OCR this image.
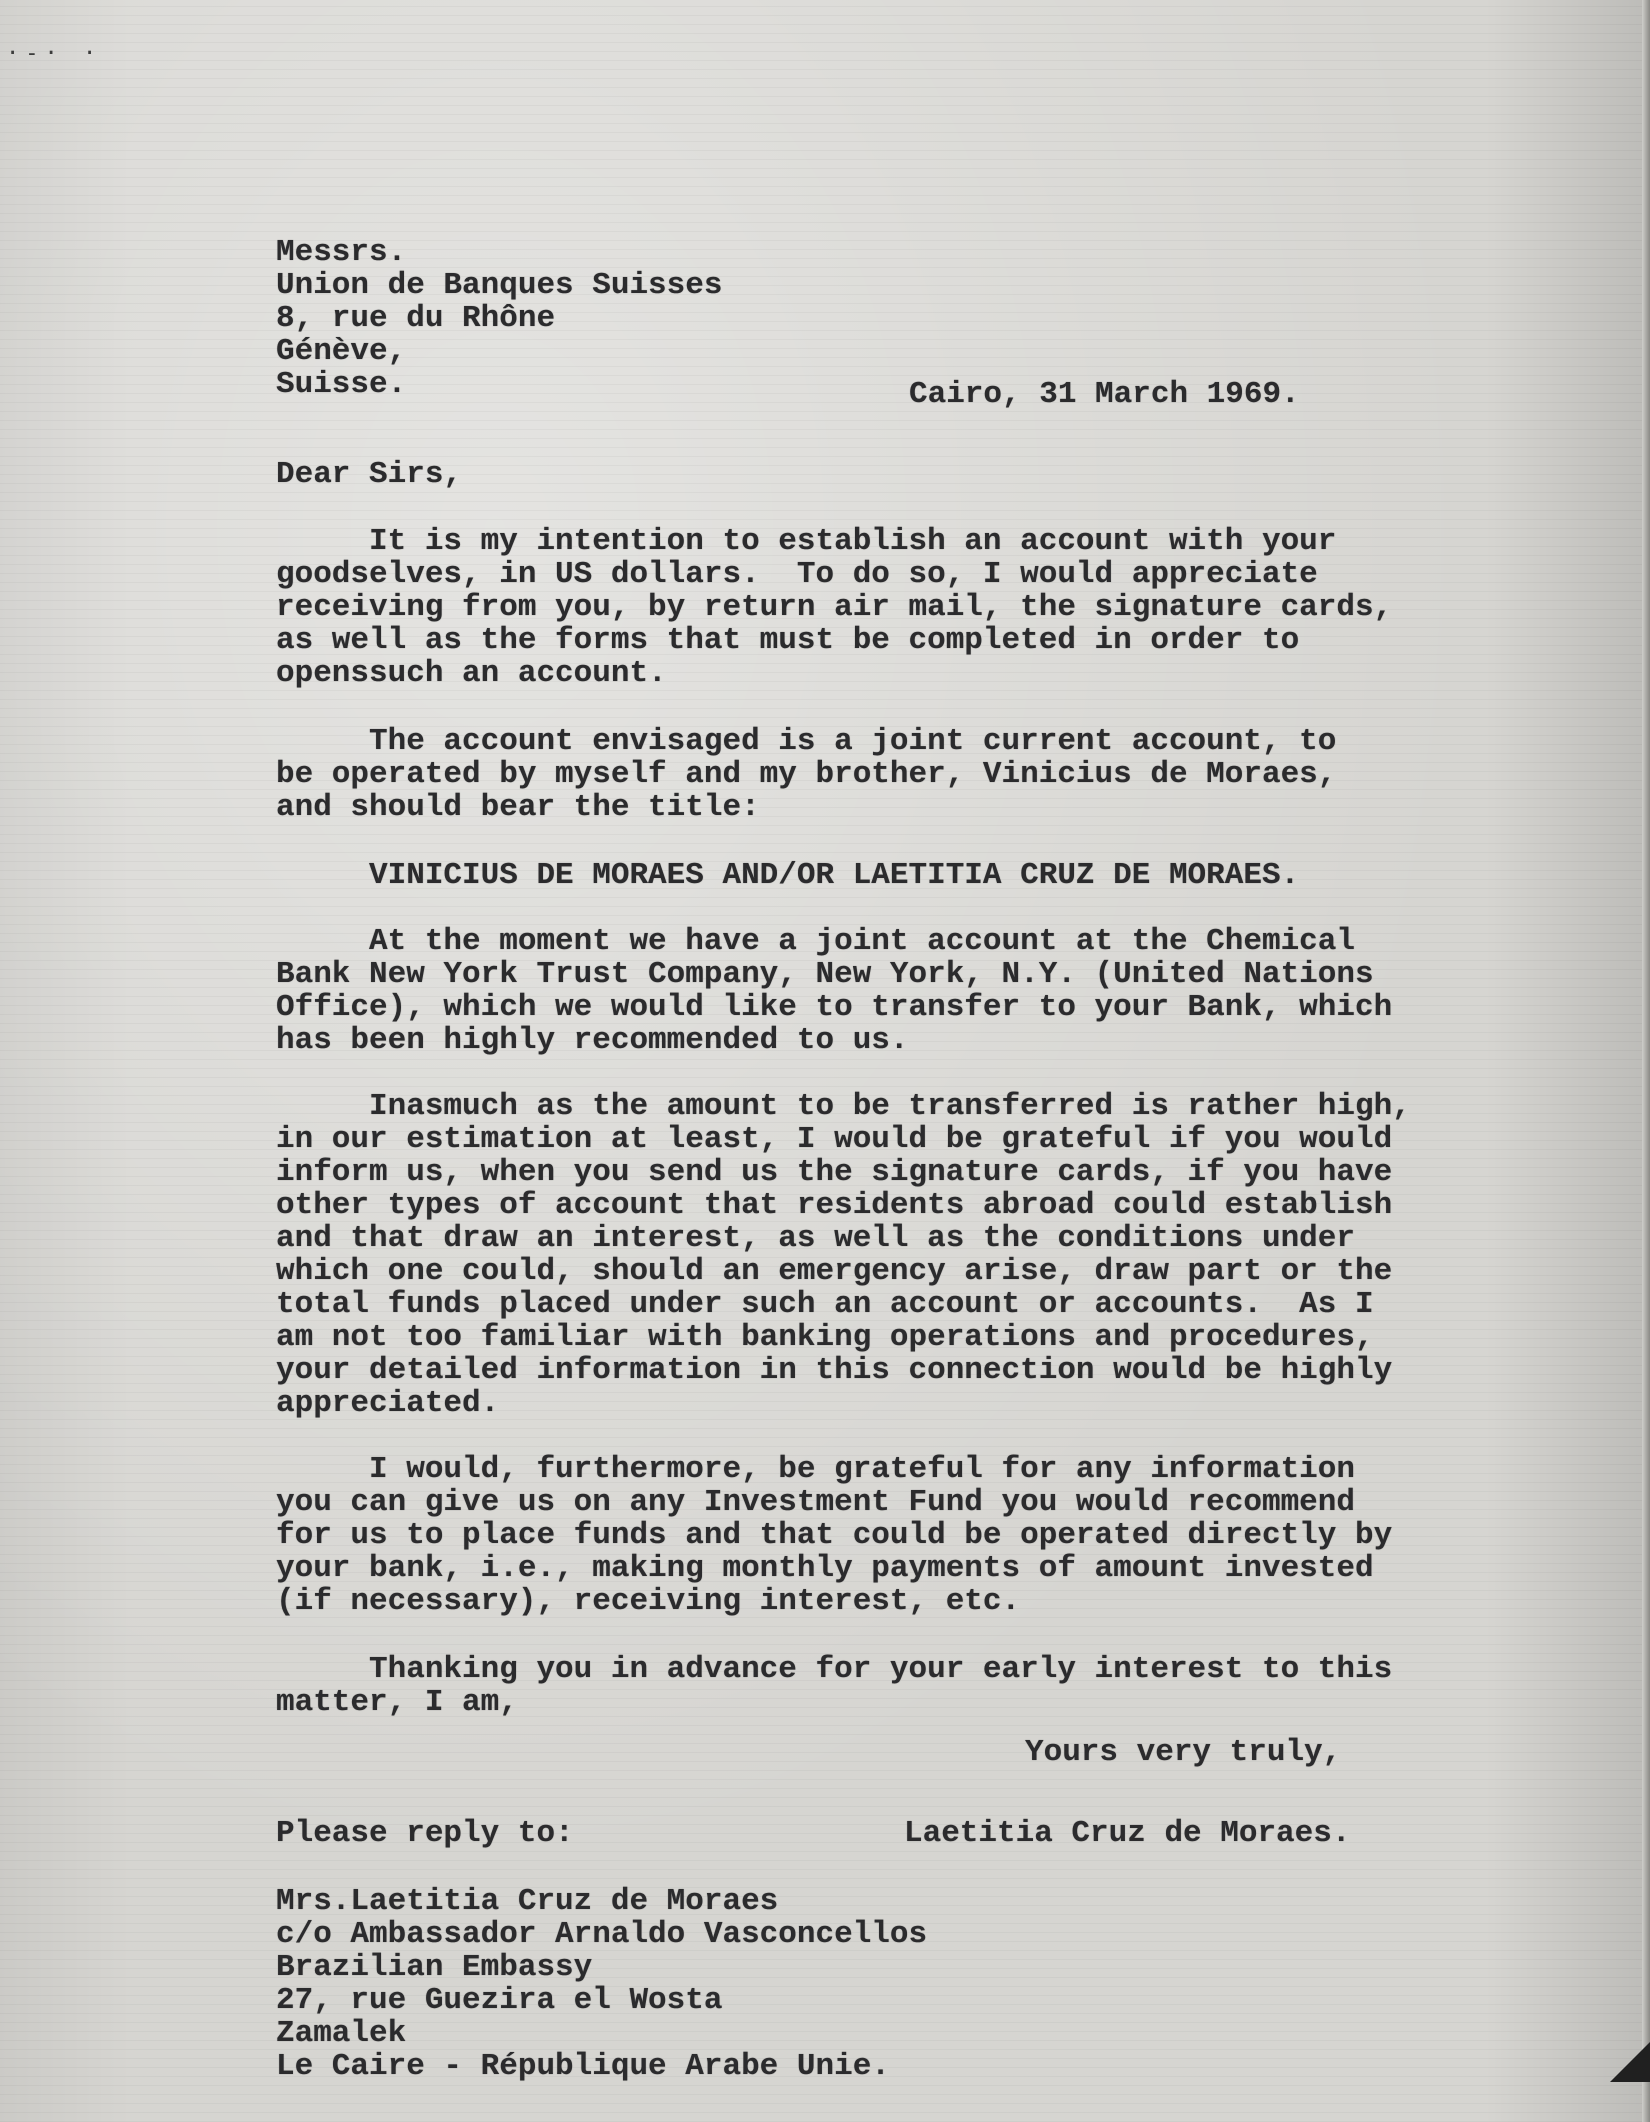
·‐· ·
Messrs.
Union de Banques Suisses
8, rue du Rhône
Génève,
Suisse.	Cairo, 31 March 1969.

Dear Sirs,

It is my intention to establish an account with your
goodselves, in US dollars.  To do so, I would appreciate
receiving from you, by return air mail, the signature cards,
as well as the forms that must be completed in order to
openssuch an account.
The account envisaged is a joint current account, to
be operated by myself and my brother, Vinicius de Moraes,
and should bear the title:

VINICIUS DE MORAES AND/OR LAETITIA CRUZ DE MORAES.

At the moment we have a joint account at the Chemical
Bank New York Trust Company, New York, N.Y. (United Nations
Office), which we would like to transfer to your Bank, which
has been highly recommended to us.
Inasmuch as the amount to be transferred is rather high,
in our estimation at least, I would be grateful if you would
inform us, when you send us the signature cards, if you have
other types of account that residents abroad could establish
and that draw an interest, as well as the conditions under
which one could, should an emergency arise, draw part or the
total funds placed under such an account or accounts.  As I
am not too familiar with banking operations and procedures,
your detailed information in this connection would be highly
appreciated.
I would, furthermore, be grateful for any information
you can give us on any Investment Fund you would recommend
for us to place funds and that could be operated directly by
your bank, i.e., making monthly payments of amount invested
(if necessary), receiving interest, etc.
Thanking you in advance for your early interest to this
matter, I am,

Yours very truly,

Please reply to:	Laetitia Cruz de Moraes.

Mrs.Laetitia Cruz de Moraes
c/o Ambassador Arnaldo Vasconcellos
Brazilian Embassy
27, rue Guezira el Wosta
Zamalek
Le Caire - République Arabe Unie.
